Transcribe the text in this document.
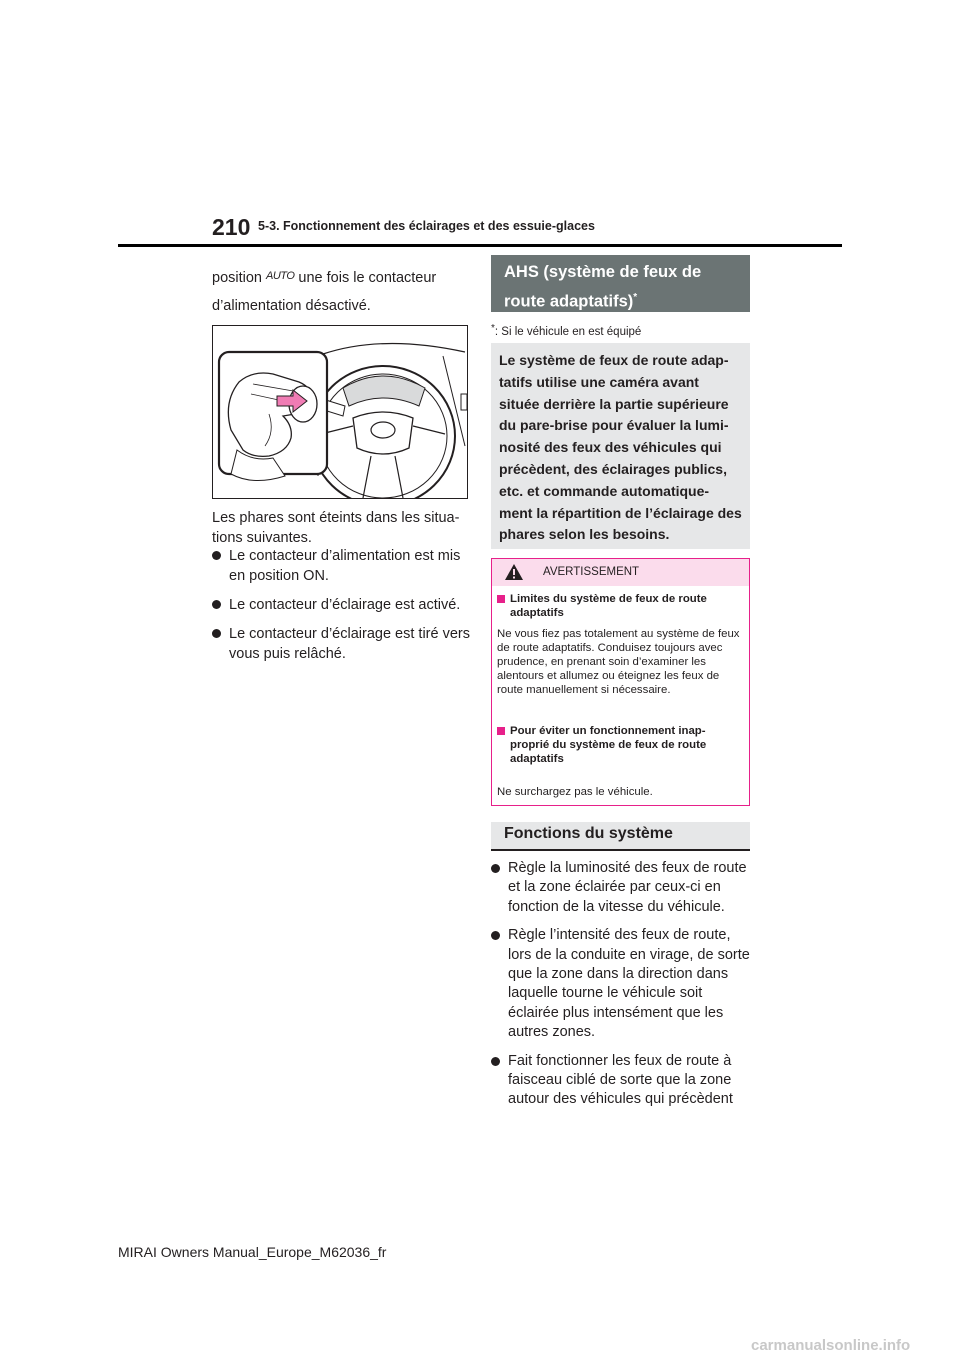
210 5-3. Fonctionnement des éclairages et des essuie-glaces
position $^{AUTO}$ une fois le contacteur
d’alimentation désactivé.
Les phares sont éteints dans les situa-tions suivantes.
Le contacteur d’alimentation est mis en position ON.
Le contacteur d’éclairage est activé.
Le contacteur d’éclairage est tiré vers vous puis relâché.
AHS (système de feux de
route adaptatifs)*
*: Si le véhicule en est équipé
Le système de feux de route adap-tatifs utilise une caméra avant située derrière la partie supérieure du pare-brise pour évaluer la lumi-nosité des feux des véhicules qui précèdent, des éclairages publics, etc. et commande automatique-ment la répartition de l’éclairage des phares selon les besoins.
AVERTISSEMENT
Limites du système de feux de route adaptatifs
Ne vous fiez pas totalement au système de feux de route adaptatifs. Conduisez toujours avec prudence, en prenant soin d’examiner les alentours et allumez ou éteignez les feux de route manuellement si nécessaire.
Pour éviter un fonctionnement inap-proprié du système de feux de route adaptatifs
Ne surchargez pas le véhicule.
Fonctions du système
Règle la luminosité des feux de route et la zone éclairée par ceux-ci en fonction de la vitesse du véhicule.
Règle l’intensité des feux de route, lors de la conduite en virage, de sorte que la zone dans la direction dans laquelle tourne le véhicule soit éclairée plus intensément que les autres zones.
Fait fonctionner les feux de route à faisceau ciblé de sorte que la zone autour des véhicules qui précèdent
MIRAI Owners Manual_Europe_M62036_fr
carmanualsonline.info
